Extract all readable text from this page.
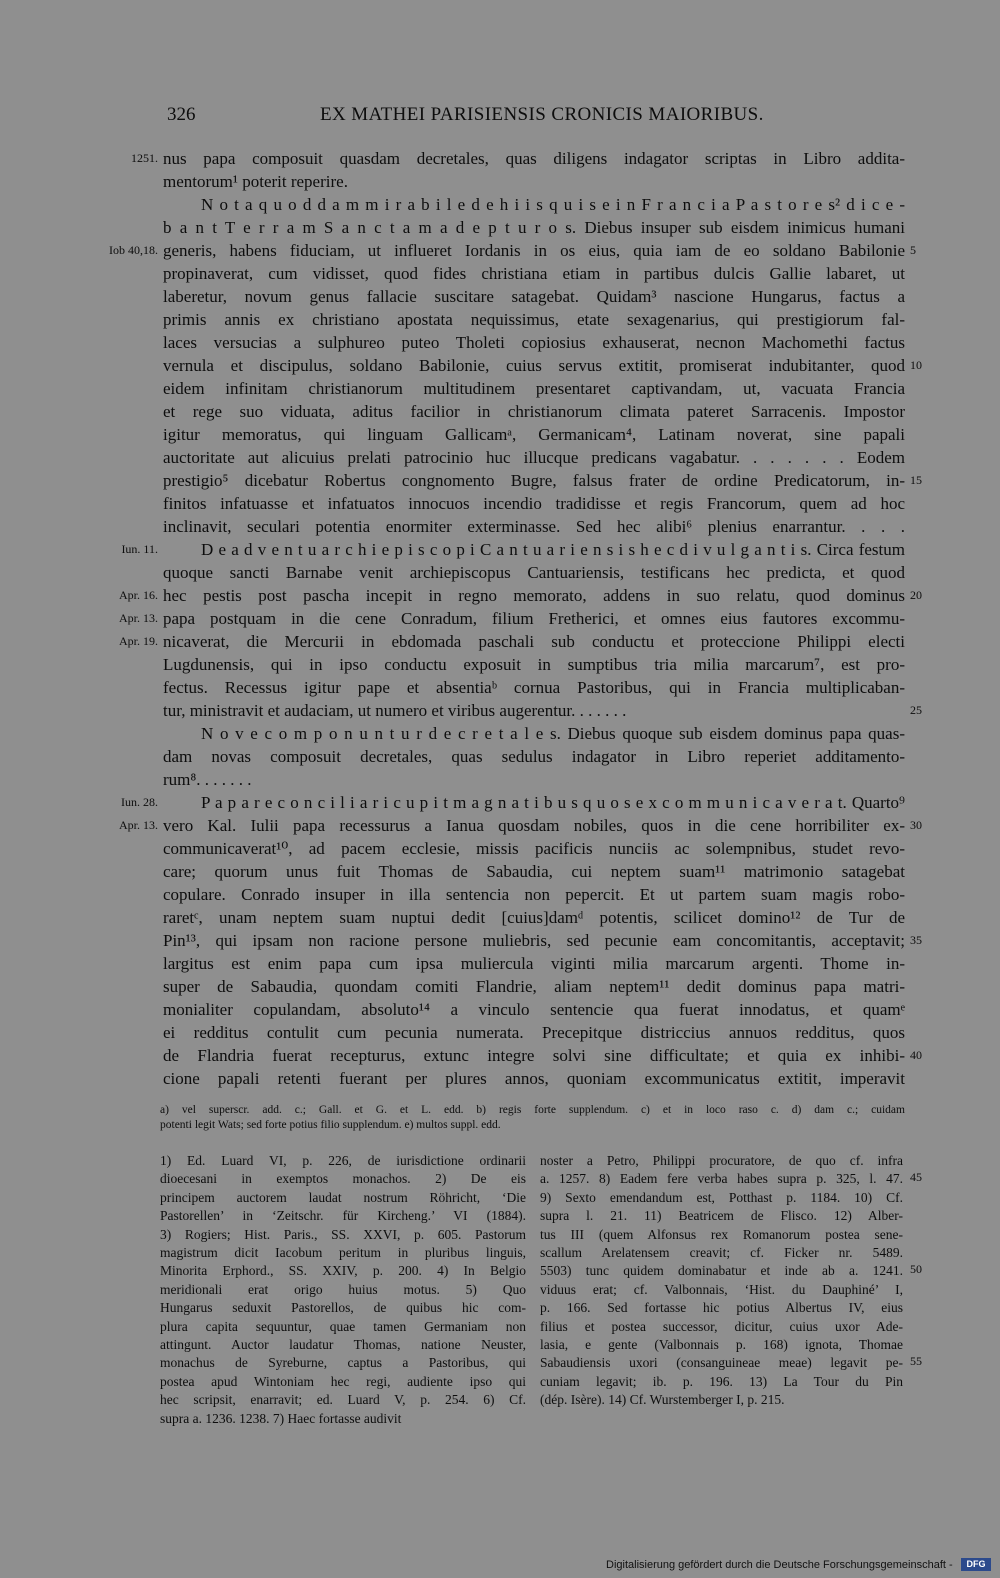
326	EX MATHEI PARISIENSIS CRONICIS MAIORIBUS.
nus papa composuit quasdam decretales, quas diligens indagator scriptas in Libro addita-
1251.
mentorum¹ poterit reperire.
N o t a q u o d d a m m i r a b i l e d e h i i s q u i s e i n F r a n c i a P a s t o r e s² d i c e -
b a n t T e r r a m S a n c t a m a d e p t u r o s. Diebus insuper sub eisdem inimicus humani
generis, habens fiduciam, ut influeret Iordanis in os eius, quia iam de eo soldano Babilonie
Iob 40,18.	5
propinaverat, cum vidisset, quod fides christiana etiam in partibus dulcis Gallie labaret, ut
laberetur, novum genus fallacie suscitare satagebat. Quidam³ nascione Hungarus, factus a
primis annis ex christiano apostata nequissimus, etate sexagenarius, qui prestigiorum fal-
laces versucias a sulphureo puteo Tholeti copiosius exhauserat, necnon Machomethi factus
vernula et discipulus, soldano Babilonie, cuius servus extitit, promiserat indubitanter, quod 10
eidem infinitam christianorum multitudinem presentaret captivandam, ut, vacuata Francia
et rege suo viduata, aditus facilior in christianorum climata pateret Sarracenis. Impostor
igitur memoratus, qui linguam Gallicamᵃ, Germanicam⁴, Latinam noverat, sine papali
auctoritate aut alicuius prelati patrocinio huc illucque predicans vagabatur. . . . . . . Eodem
prestigio⁵ dicebatur Robertus congnomento Bugre, falsus frater de ordine Predicatorum, in- 15
finitos infatuasse et infatuatos innocuos incendio tradidisse et regis Francorum, quem ad hoc
inclinavit, seculari potentia enormiter exterminasse. Sed hec alibi⁶ plenius enarrantur. . . .
D e a d v e n t u a r c h i e p i s c o p i C a n t u a r i e n s i s h e c d i v u l g a n t i s. Circa festum
Iun. 11.
quoque sancti Barnabe venit archiepiscopus Cantuariensis, testificans hec predicta, et quod
hec pestis post pascha incepit in regno memorato, addens in suo relatu, quod dominus
Apr. 16.	20
papa postquam in die cene Conradum, filium Fretherici, et omnes eius fautores excommu-
Apr. 13.
nicaverat, die Mercurii in ebdomada paschali sub conductu et proteccione Philippi electi
Apr. 19.
Lugdunensis, qui in ipso conductu exposuit in sumptibus tria milia marcarum⁷, est pro-
fectus. Recessus igitur pape et absentiaᵇ cornua Pastoribus, qui in Francia multiplicaban-
tur, ministravit et audaciam, ut numero et viribus augerentur. . . . . . .	25
N o v e c o m p o n u n t u r d e c r e t a l e s. Diebus quoque sub eisdem dominus papa quas-
dam novas composuit decretales, quas sedulus indagator in Libro reperiet additamento-
rum⁸. . . . . . .
P a p a r e c o n c i l i a r i c u p i t m a g n a t i b u s q u o s e x c o m m u n i c a v e r a t. Quarto⁹
Iun. 28.
vero Kal. Iulii papa recessurus a Ianua quosdam nobiles, quos in die cene horribiliter ex-
Apr. 13.	30
communicaverat¹⁰, ad pacem ecclesie, missis pacificis nunciis ac solempnibus, studet revo-
care; quorum unus fuit Thomas de Sabaudia, cui neptem suam¹¹ matrimonio satagebat
copulare. Conrado insuper in illa sentencia non pepercit. Et ut partem suam magis robo-
raretᶜ, unam neptem suam nuptui dedit [cuius]damᵈ potentis, scilicet domino¹² de Tur de
Pin¹³, qui ipsam non racione persone muliebris, sed pecunie eam concomitantis, acceptavit; 35
largitus est enim papa cum ipsa muliercula viginti milia marcarum argenti. Thome in-
super de Sabaudia, quondam comiti Flandrie, aliam neptem¹¹ dedit dominus papa matri-
monialiter copulandam, absoluto¹⁴ a vinculo sentencie qua fuerat innodatus, et quamᵉ
ei redditus contulit cum pecunia numerata. Precepitque districcius annuos redditus, quos
de Flandria fuerat recepturus, extunc integre solvi sine difficultate; et quia ex inhibi- 40
cione papali retenti fuerant per plures annos, quoniam excommunicatus extitit, imperavit
a) vel superscr. add. c.; Gall. et G. et L. edd. b) regis forte supplendum. c) et in loco raso c. d) dam c.; cuidam
potenti legit Wats; sed forte potius filio supplendum. e) multos suppl. edd.
1) Ed. Luard VI, p. 226, de iurisdictione ordinarii
dioecesani in exemptos monachos. 2) De eis
principem auctorem laudat nostrum Röhricht, ‘Die
Pastorellen’ in ‘Zeitschr. für Kircheng.’ VI (1884).
3) Rogiers; Hist. Paris., SS. XXVI, p. 605. Pastorum
magistrum dicit Iacobum peritum in pluribus linguis,
Minorita Erphord., SS. XXIV, p. 200. 4) In Belgio
meridionali erat origo huius motus. 5) Quo
Hungarus seduxit Pastorellos, de quibus hic com-
plura capita sequuntur, quae tamen Germaniam non
attingunt. Auctor laudatur Thomas, natione Neuster,
monachus de Syreburne, captus a Pastoribus, qui
postea apud Wintoniam hec regi, audiente ipso qui
hec scripsit, enarravit; ed. Luard V, p. 254. 6) Cf.
supra a. 1236. 1238. 7) Haec fortasse audivit
noster a Petro, Philippi procuratore, de quo cf. infra
a. 1257. 8) Eadem fere verba habes supra p. 325, l. 47. 45
9) Sexto emendandum est, Potthast p. 1184. 10) Cf.
supra l. 21. 11) Beatricem de Flisco. 12) Alber-
tus III (quem Alfonsus rex Romanorum postea sene-
scallum Arelatensem creavit; cf. Ficker nr. 5489.
5503) tunc quidem dominabatur et inde ab a. 1241. 50
viduus erat; cf. Valbonnais, ‘Hist. du Dauphiné’ I,
p. 166. Sed fortasse hic potius Albertus IV, eius
filius et postea successor, dicitur, cuius uxor Ade-
lasia, e gente (Valbonnais p. 168) ignota, Thomae
Sabaudiensis uxori (consanguineae meae) legavit pe- 55
cuniam legavit; ib. p. 196. 13) La Tour du Pin
(dép. Isère). 14) Cf. Wurstemberger I, p. 215.
Digitalisierung gefördert durch die Deutsche Forschungsgemeinschaft -	DFG
